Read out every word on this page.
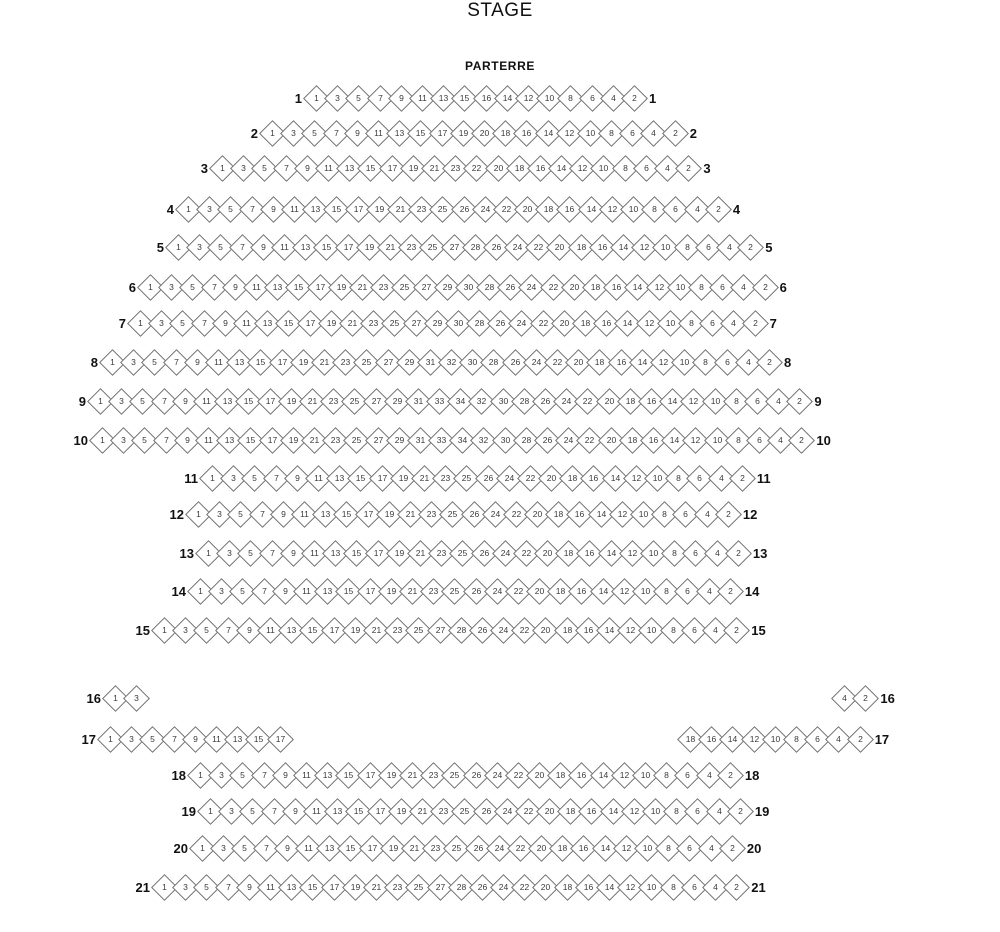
STAGE
PARTERRE
1	1	3	5	7	9	11	13	15	16	14	12	10	8	6	4	2 1
2	1	3	5	7	9	11	13	15	17	19	20	18	16	14	12	10	8	6	4	2 2
3	1	3	5	7	9	11	13	15	17	19	21	23	22	20	18	16	14	12	10	8	6	4	2 3
4	1	3	5	7	9	11	13	15	17	19	21	23	25	26	24	22	20	18	16	14	12	10	8	6	4	2 4
5	1	3	5	7	9	11	13	15	17	19	21	23	25	27	28	26	24	22	20	18	16	14	12	10	8	6	4	2 5
6	1	3	5	7	9	11	13	15	17	19	21	23	25	27	29	30	28	26	24	22	20	18	16	14	12	10	8	6	4	2 6
7	1	3	5	7	9	11	13	15	17	19	21	23	25	27	29	30	28	26	24	22	20	18	16	14	12	10	8	6	4	2 7
8	1	3	5	7	9	11	13	15	17	19	21	23	25	27	29	31	32	30	28	26	24	22	20	18	16	14	12	10	8	6	4	2 8
9	1	3	5	7	9	11	13	15	17	19	21	23	25	27	29	31	33	34	32	30	28	26	24	22	20	18	16	14	12	10	8	6	4	2 9
10	1	3	5	7	9	11	13	15	17	19	21	23	25	27	29	31	33	34	32	30	28	26	24	22	20	18	16	14	12	10	8	6	4	2 10
11	1	3	5	7	9	11	13	15	17	19	21	23	25	26	24	22	20	18	16	14	12	10	8	6	4	2 11
12	1	3	5	7	9	11	13	15	17	19	21	23	25	26	24	22	20	18	16	14	12	10	8	6	4	2 12
13	1	3	5	7	9	11	13	15	17	19	21	23	25	26	24	22	20	18	16	14	12	10	8	6	4	2 13
14	1	3	5	7	9	11	13	15	17	19	21	23	25	26	24	22	20	18	16	14	12	10	8	6	4	2 14
15	1	3	5	7	9	11	13	15	17	19	21	23	25	27	28	26	24	22	20	18	16	14	12	10	8	6	4	2 15
16	1	3	4	2 16
17	1	3	5	7	9	11	13	15	17	18	16	14	12	10	8	6	4	2 17
18	1	3	5	7	9	11	13	15	17	19	21	23	25	26	24	22	20	18	16	14	12	10	8	6	4	2 18
19	1	3	5	7	9	11	13	15	17	19	21	23	25	26	24	22	20	18	16	14	12	10	8	6	4	2 19
20	1	3	5	7	9	11	13	15	17	19	21	23	25	26	24	22	20	18	16	14	12	10	8	6	4	2 20
21	1	3	5	7	9	11	13	15	17	19	21	23	25	27	28	26	24	22	20	18	16	14	12	10	8	6	4	2 21
